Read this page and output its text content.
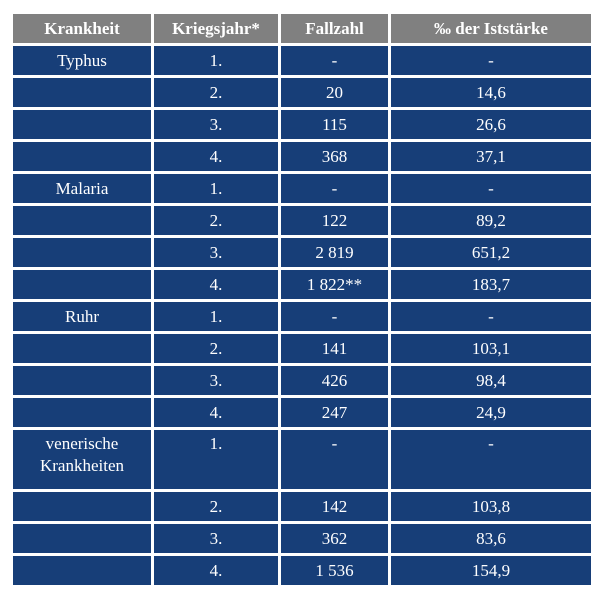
Krankheit	Kriegsjahr*	Fallzahl	‰ der Iststärke
Typhus	1.	-	-
	2.	20	14,6
	3.	115	26,6
	4.	368	37,1
Malaria	1.	-	-
	2.	122	89,2
	3.	2 819	651,2
	4.	1 822**	183,7
Ruhr	1.	-	-
	2.	141	103,1
	3.	426	98,4
	4.	247	24,9
venerische Krankheiten	1.	-	-
	2.	142	103,8
	3.	362	83,6
	4.	1 536	154,9
